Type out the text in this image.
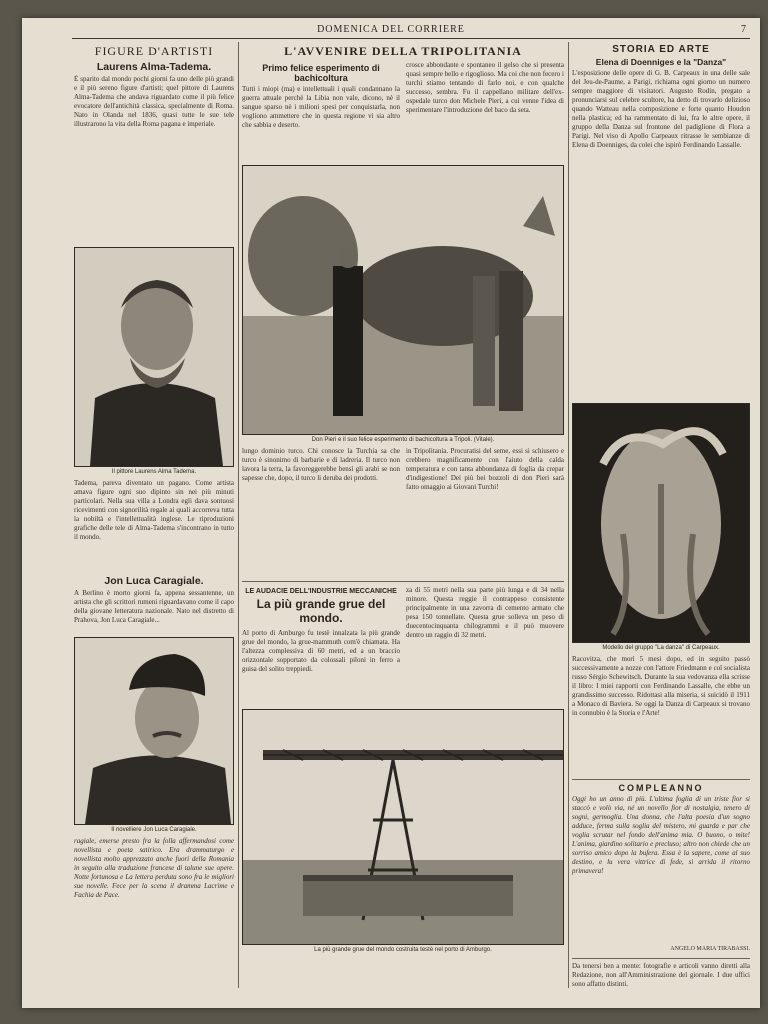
DOMENICA DEL CORRIERE	7
FIGURE D'ARTISTI
Laurens Alma-Tadema.
È sparito dal mondo pochi giorni fa uno delle più grandi e il più sereno figure d'artisti; quel pittore di Laurens Alma-Tadema che andava riguardato come il più felice evocatore dell'antichità classica, specialmente di Roma. Nato in Olanda nel 1836, quasi tutte le sue tele illustrarono la vita della Roma pagana e imperiale.
Il pittore Laurens Alma Tadema.
Tadema, pareva diventato un pagano. Come artista amava figure ogni suo dipinto sin nei più minuti particolari. Nella sua villa a Londra egli dava sontuosi ricevimenti con signorilità regale ai quali accorreva tutta la nobiltà e l'intellettualità inglese. Le riproduzioni grafiche delle tele di Alma-Tadema s'incontrano in tutto il mondo.
Jon Luca Caragiale.
A Berlino è morto giorni fa, appena sessantenne, un artista che gli scrittori rumeni riguardavano come il capo della giovane letteratura nazionale. Nato nel distretto di Prahova, Jon Luca Caragiale...
Il novelliere Jon Luca Caragiale.
ragiale, emerse presto fra la folla affermandosi come novellista e poeta satirico. Era drammaturgo e novellista molto apprezzato anche fuori della Romania in seguito alla traduzione francese di talune sue opere. Notte fortunosa e La lettera perduta sono fra le migliori sue novelle. Fece per la scena il dramma Lacrime e Fachia de Pace.
L'AVVENIRE DELLA TRIPOLITANIA
Primo felice esperimento di bachicoltura
Tutti i miopi (ma) e intellettuali i quali condannano la guerra attuale perchè la Libia non vale, dicono, nè il sangue sparso nè i milioni spesi per conquistarla, non vogliono ammettere che in questa regione vi sia altro che sabbia e deserto.
crosce abbondante e spontaneo il gelso che si presenta quasi sempre bello e rigoglioso. Ma coi che non fecero i turchi stiamo tentando di farlo noi, e con qualche successo, sembra. Fu il cappellano militare dell'ex-ospedale turco don Michele Pieri, a cui venne l'idea di sperimentare l'introduzione del baco da seta.
Don Pieri e il suo felice esperimento di bachicoltura a Tripoli. (Vitale).
lungo dominio turco. Chi conosce la Turchia sa che turco è sinonimo di barbarie e di ladreria. Il turco non lavora la terra, la favoreggerebbe bensì gli arabi se non sapesse che, dopo, il turco li deruba dei prodotti.
in Tripolitania. Procuratisi del seme, essi si schiusero e crebbero magnificamente con l'aiuto della calda temperatura e con tanta abbondanza di foglia da crepar d'indigestione! Dei più bei bozzoli di don Pieri sarà fatto omaggio ai Giovani Turchi!
LE AUDACIE DELL'INDUSTRIE MECCANICHE
La più grande grue del mondo.
Al porto di Amburgo fu testè innalzata la più grande grue del mondo, la grue-mammuth com'è chiamata. Ha l'altezza complessiva di 60 metri, ed a un braccio orizzontale sopportato da colossali piloni in ferro a guisa del solito treppiedi.
za di 55 metri nella sua parte più lunga e di 34 nella minore. Questa reggie il contrappeso consistente principalmente in una zavorra di cemento armato che pesa 150 tonnellate. Questa grue solleva un peso di duecentocinquanta chilogrammi e il può muovere dentro un raggio di 32 metri.
La più grande grue del mondo costruita testè nel porto di Amburgo.
STORIA ED ARTE
Elena di Doenniges e la "Danza"
L'esposizione delle opere di G. B. Carpeaux in una delle sale del Jeu-de-Paume, a Parigi, richiama ogni giorno un numero sempre maggiore di visitatori. Augusto Rodin, pregato a pronunciarsi sul celebre scultore, ha detto di trovarlo delizioso quando Watteau nella composizione e forte quanto Houdon nella plastica; ed ha rammentato di lui, fra le altre opere, il gruppo della Danza sul frontone del padiglione di Flora a Parigi. Nel viso di Apollo Carpeaux ritrasse le sembianze di Elena di Doenniges, da colei che ispirò Ferdinando Lassalle.
Modello del gruppo "La danza" di Carpeaux.
Racovitza, che morì 5 mesi dopo, ed in seguito passò successivamente a nozze con l'attore Friedmann e col socialista russo Sérgio Schewitsch. Durante la sua vedovanza ella scrisse il libro: I miei rapporti con Ferdinando Lassalle, che ebbe un grandissimo successo. Ridottasi alla miseria, si suicidò il 1911 a Monaco di Baviera. Se oggi la Danza di Carpeaux si trovano in connubio è la Storia e l'Arte!
COMPLEANNO
Oggi ho un anno di più. L'ultima foglia di un triste fior si staccò e volò via, né un novello fior di nostalgia, tenero di sogni, germoglia. Una donna, che l'alta poesia d'un sogno adduce, ferma sulla soglia del mistero, mi guarda e par che voglia scrutar nel fondo dell'anima mia. O buono, o mite! L'anima, giardino solitario e precluso; altro non chiede che un sorriso amico dopo la bufera. Essa è la sapere, come al suo destino, e lu vera vittrice di fede, si arrida il ritorno primavera!
ANGELO MARIA TIRABASSI.
Da tenersi ben a mente: fotografie e articoli vanno diretti alla Redazione, non all'Amministrazione del giornale. I due uffici sono affatto distinti.
